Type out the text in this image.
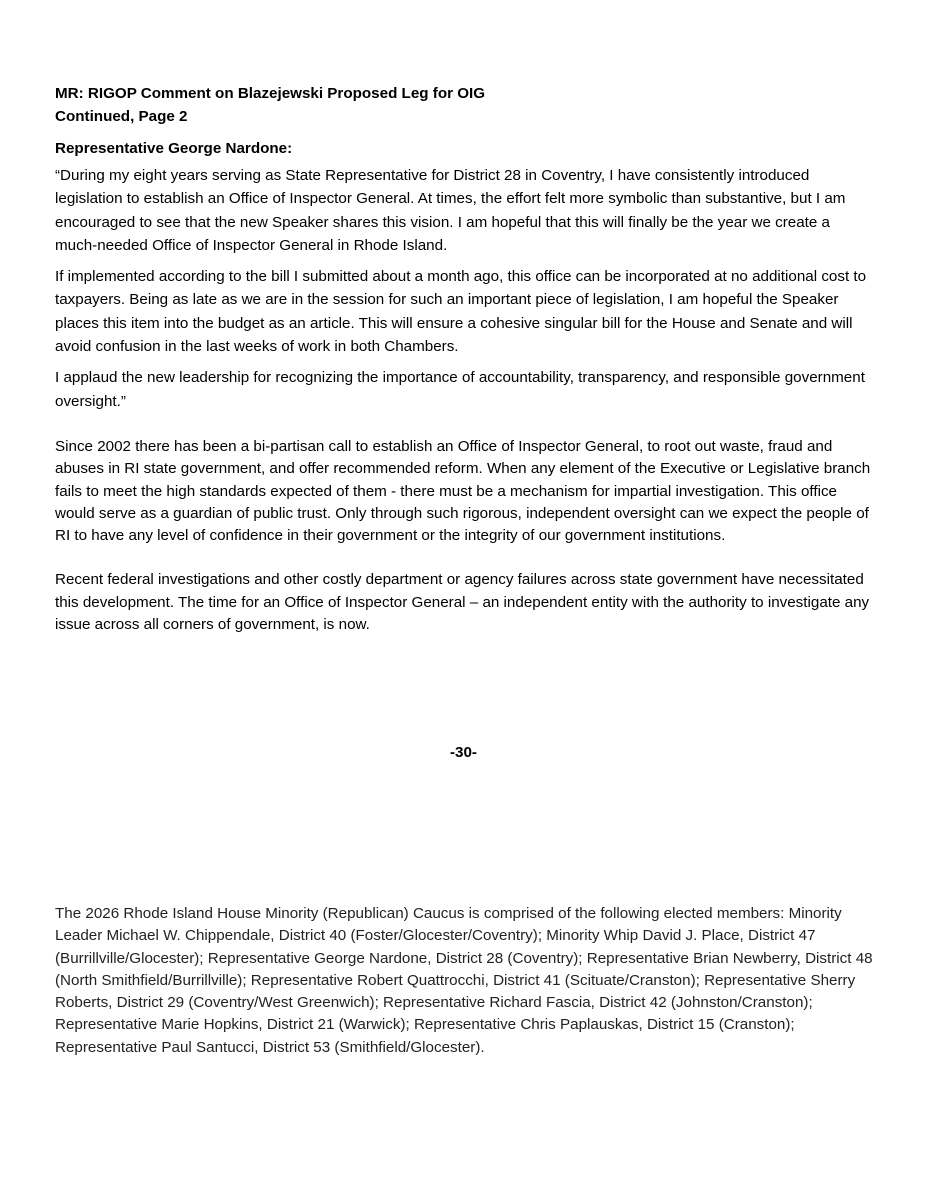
MR: RIGOP Comment on Blazejewski Proposed Leg for OIG

Continued, Page 2

Representative George Nardone:

“During my eight years serving as State Representative for District 28 in Coventry, I have consistently introduced legislation to establish an Office of Inspector General. At times, the effort felt more symbolic than substantive, but I am encouraged to see that the new Speaker shares this vision. I am hopeful that this will finally be the year we create a much-needed Office of Inspector General in Rhode Island.

If implemented according to the bill I submitted about a month ago, this office can be incorporated at no additional cost to taxpayers. Being as late as we are in the session for such an important piece of legislation, I am hopeful the Speaker places this item into the budget as an article. This will ensure a cohesive singular bill for the House and Senate and will avoid confusion in the last weeks of work in both Chambers.

I applaud the new leadership for recognizing the importance of accountability, transparency, and responsible government oversight.”

Since 2002 there has been a bi-partisan call to establish an Office of Inspector General, to root out waste, fraud and abuses in RI state government, and offer recommended reform. When any element of the Executive or Legislative branch fails to meet the high standards expected of them - there must be a mechanism for impartial investigation. This office would serve as a guardian of public trust. Only through such rigorous, independent oversight can we expect the people of RI to have any level of confidence in their government or the integrity of our government institutions.

Recent federal investigations and other costly department or agency failures across state government have necessitated this development. The time for an Office of Inspector General – an independent entity with the authority to investigate any issue across all corners of government, is now.

-30-

The 2026 Rhode Island House Minority (Republican) Caucus is comprised of the following elected members: Minority Leader Michael W. Chippendale, District 40 (Foster/Glocester/Coventry); Minority Whip David J. Place, District 47 (Burrillville/Glocester); Representative George Nardone, District 28 (Coventry); Representative Brian Newberry, District 48 (North Smithfield/Burrillville); Representative Robert Quattrocchi, District 41 (Scituate/Cranston); Representative Sherry Roberts, District 29 (Coventry/West Greenwich); Representative Richard Fascia, District 42 (Johnston/Cranston); Representative Marie Hopkins, District 21 (Warwick); Representative Chris Paplauskas, District 15 (Cranston); Representative Paul Santucci, District 53 (Smithfield/Glocester).
